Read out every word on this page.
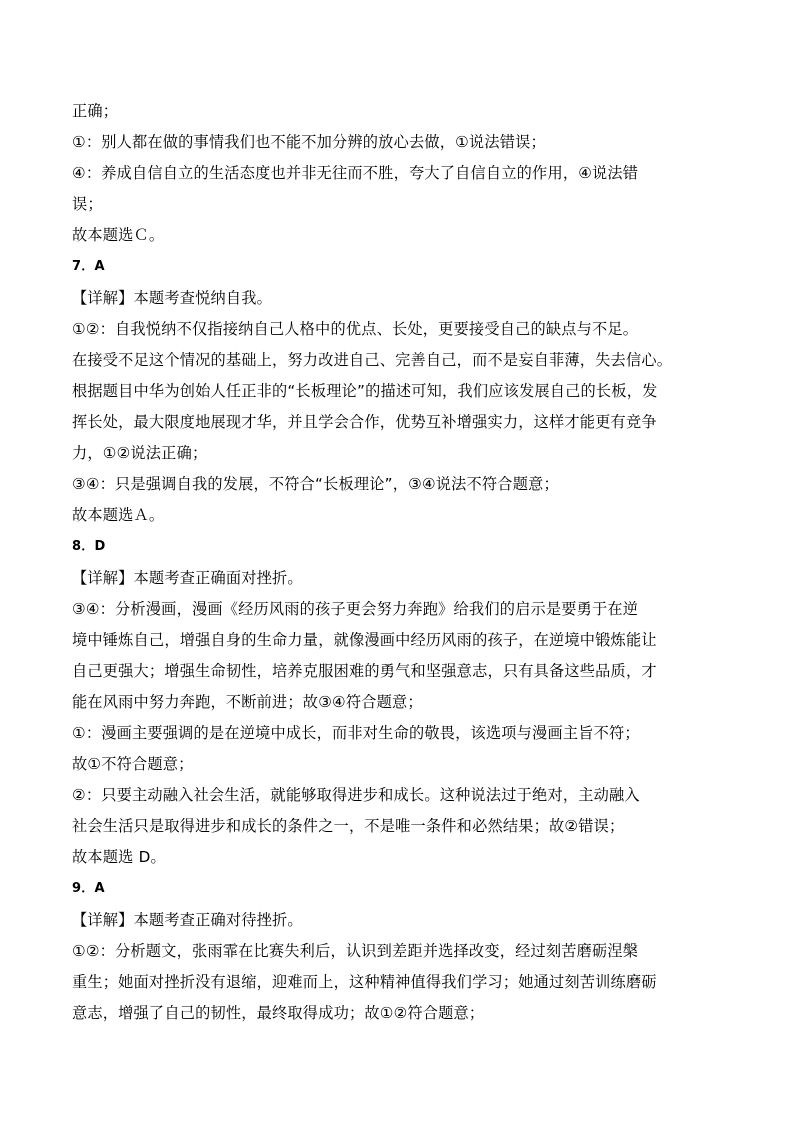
正确；
①：别人都在做的事情我们也不能不加分辨的放心去做，①说法错误；
④：养成自信自立的生活态度也并非无往而不胜，夸大了自信自立的作用，④说法错
误；
故本题选Ｃ。
7．A
【详解】本题考查悦纳自我。
①②：自我悦纳不仅指接纳自己人格中的优点、长处，更要接受自己的缺点与不足。
在接受不足这个情况的基础上，努力改进自己、完善自己，而不是妄自菲薄，失去信心。
根据题目中华为创始人任正非的“长板理论”的描述可知，我们应该发展自己的长板，发
挥长处，最大限度地展现才华，并且学会合作，优势互补增强实力，这样才能更有竞争
力，①②说法正确；
③④：只是强调自我的发展，不符合“长板理论”，③④说法不符合题意；
故本题选Ａ。
8．D
【详解】本题考查正确面对挫折。
③④：分析漫画，漫画《经历风雨的孩子更会努力奔跑》给我们的启示是要勇于在逆
境中锤炼自己，增强自身的生命力量，就像漫画中经历风雨的孩子，在逆境中锻炼能让
自己更强大；增强生命韧性，培养克服困难的勇气和坚强意志，只有具备这些品质，才
能在风雨中努力奔跑，不断前进；故③④符合题意；
①：漫画主要强调的是在逆境中成长，而非对生命的敬畏，该选项与漫画主旨不符；
故①不符合题意；
②：只要主动融入社会生活，就能够取得进步和成长。这种说法过于绝对，主动融入
社会生活只是取得进步和成长的条件之一，不是唯一条件和必然结果；故②错误；
故本题选 D。
9．A
【详解】本题考查正确对待挫折。
①②：分析题文，张雨霏在比赛失利后，认识到差距并选择改变，经过刻苦磨砺涅槃
重生；她面对挫折没有退缩，迎难而上，这种精神值得我们学习；她通过刻苦训练磨砺
意志，增强了自己的韧性，最终取得成功；故①②符合题意；
